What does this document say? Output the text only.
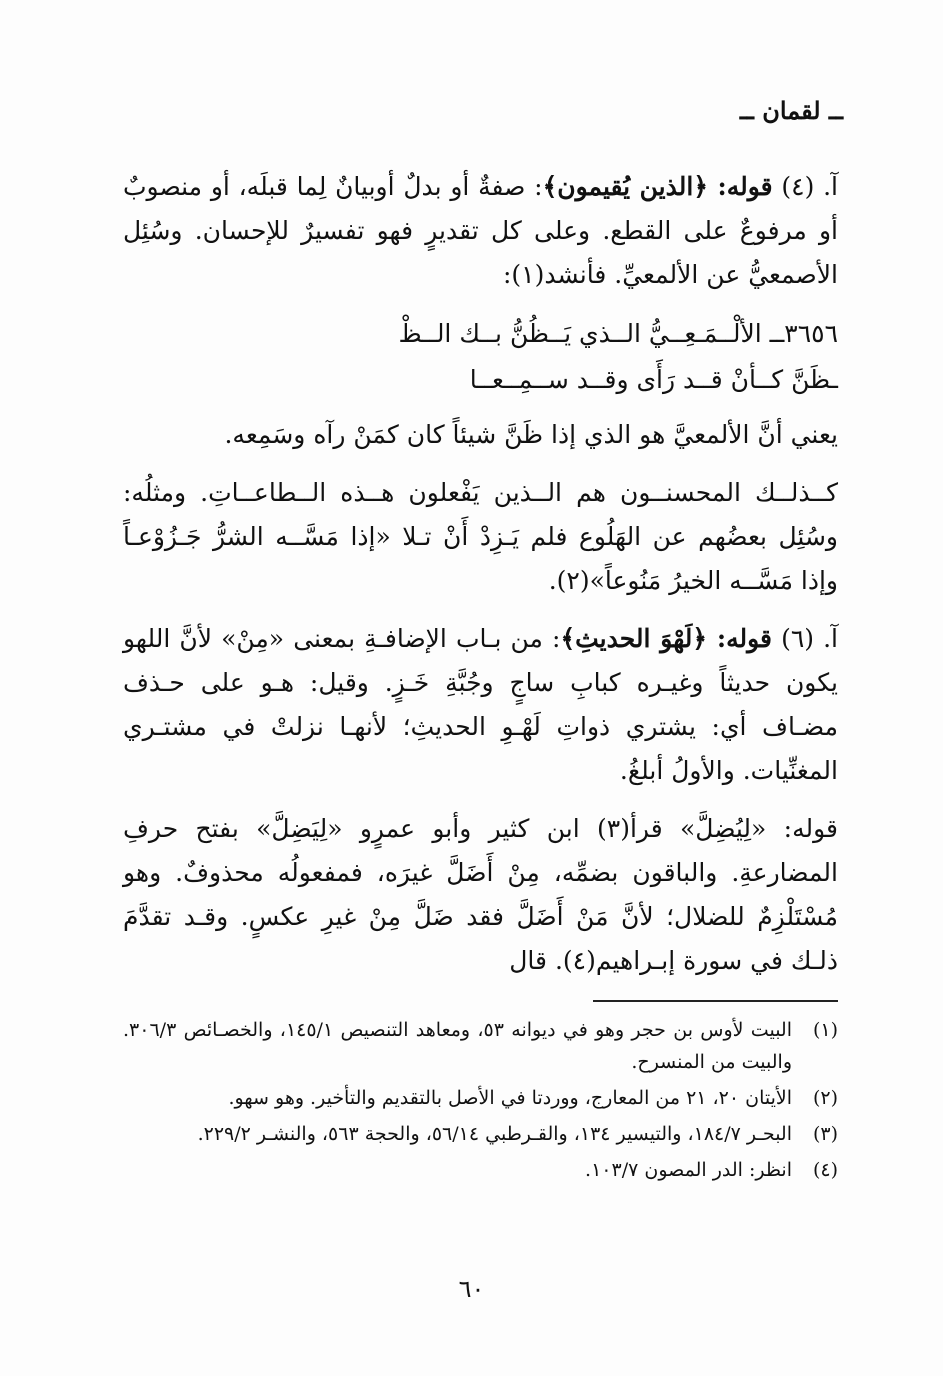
ــ لقمان ــ

آ. (٤) قوله: ﴿الذين يُقيمون﴾: صفةٌ أو بدلٌ أوبيانٌ لِما قبلَه، أو منصوبٌ أو مرفوعٌ على القطع. وعلى كل تقديرٍ فهو تفسيرٌ للإحسان. وسُئِل الأصمعيُّ عن الألمعيِّ. فأنشد(١):

٣٦٥٦ــ الألْــمَـعِــيُّ الــذي يَــظُنُّ بــك الــظْ
ـظَنَّ كــأنْ قــد رَأَى وقــد ســمِــعــا
يعني أنَّ الألمعيَّ هو الذي إذا ظَنَّ شيئاً كان كمَنْ رآه وسَمِعه.

كــذلــك المحسنــون هم الــذين يَفْعلون هــذه الــطاعــاتِ. ومثلُه: وسُئِل بعضُهم عن الهَلُوع فلم يَـزِدْ أَنْ تـلا «إذا مَسَّــه الشرُّ جَـزُوْعـاً وإذا مَسَّــه الخيرُ مَنُوعاً»(٢).

آ. (٦) قوله: ﴿لَهْوَ الحديثِ﴾: من بـاب الإضافـةِ بمعنى «مِنْ» لأنَّ اللهو يكون حديثاً وغيـره كبابِ ساجٍ وجُبَّةِ خَـزٍ. وقيل: هـو على حـذف مضـاف أي: يشتري ذواتِ لَهْـوِ الحديثِ؛ لأنهـا نزلتْ في مشتـري المغنِّيات. والأولُ أبلغُ.

قوله: «لِيُضِلَّ» قرأ(٣) ابن كثير وأبو عمرٍو «لِيَضِلَّ» بفتح حرفِ المضارعةِ. والباقون بضمِّه، مِنْ أَضَلَّ غيرَه، فمفعولُه محذوفٌ. وهو مُسْتَلْزِمٌ للضلال؛ لأنَّ مَنْ أَضَلَّ فقد ضَلَّ مِنْ غيرِ عكسٍ. وقـد تقدَّمَ ذلـك في سورة إبـراهيم(٤). قال

(١)
البيت لأوس بن حجر وهو في ديوانه ٥٣، ومعاهد التنصيص ١٤٥/١، والخصـائص ٣٠٦/٣. والبيت من المنسرح.
(٢)
الأيتان ٢٠، ٢١ من المعارج، ووردتا في الأصل بالتقديم والتأخير. وهو سهو.
(٣)
البحـر ١٨٤/٧، والتيسير ١٣٤، والقـرطبي ٥٦/١٤، والحجة ٥٦٣، والنشـر ٢٢٩/٢.
(٤)
انظر: الدر المصون ١٠٣/٧.
٦٠
